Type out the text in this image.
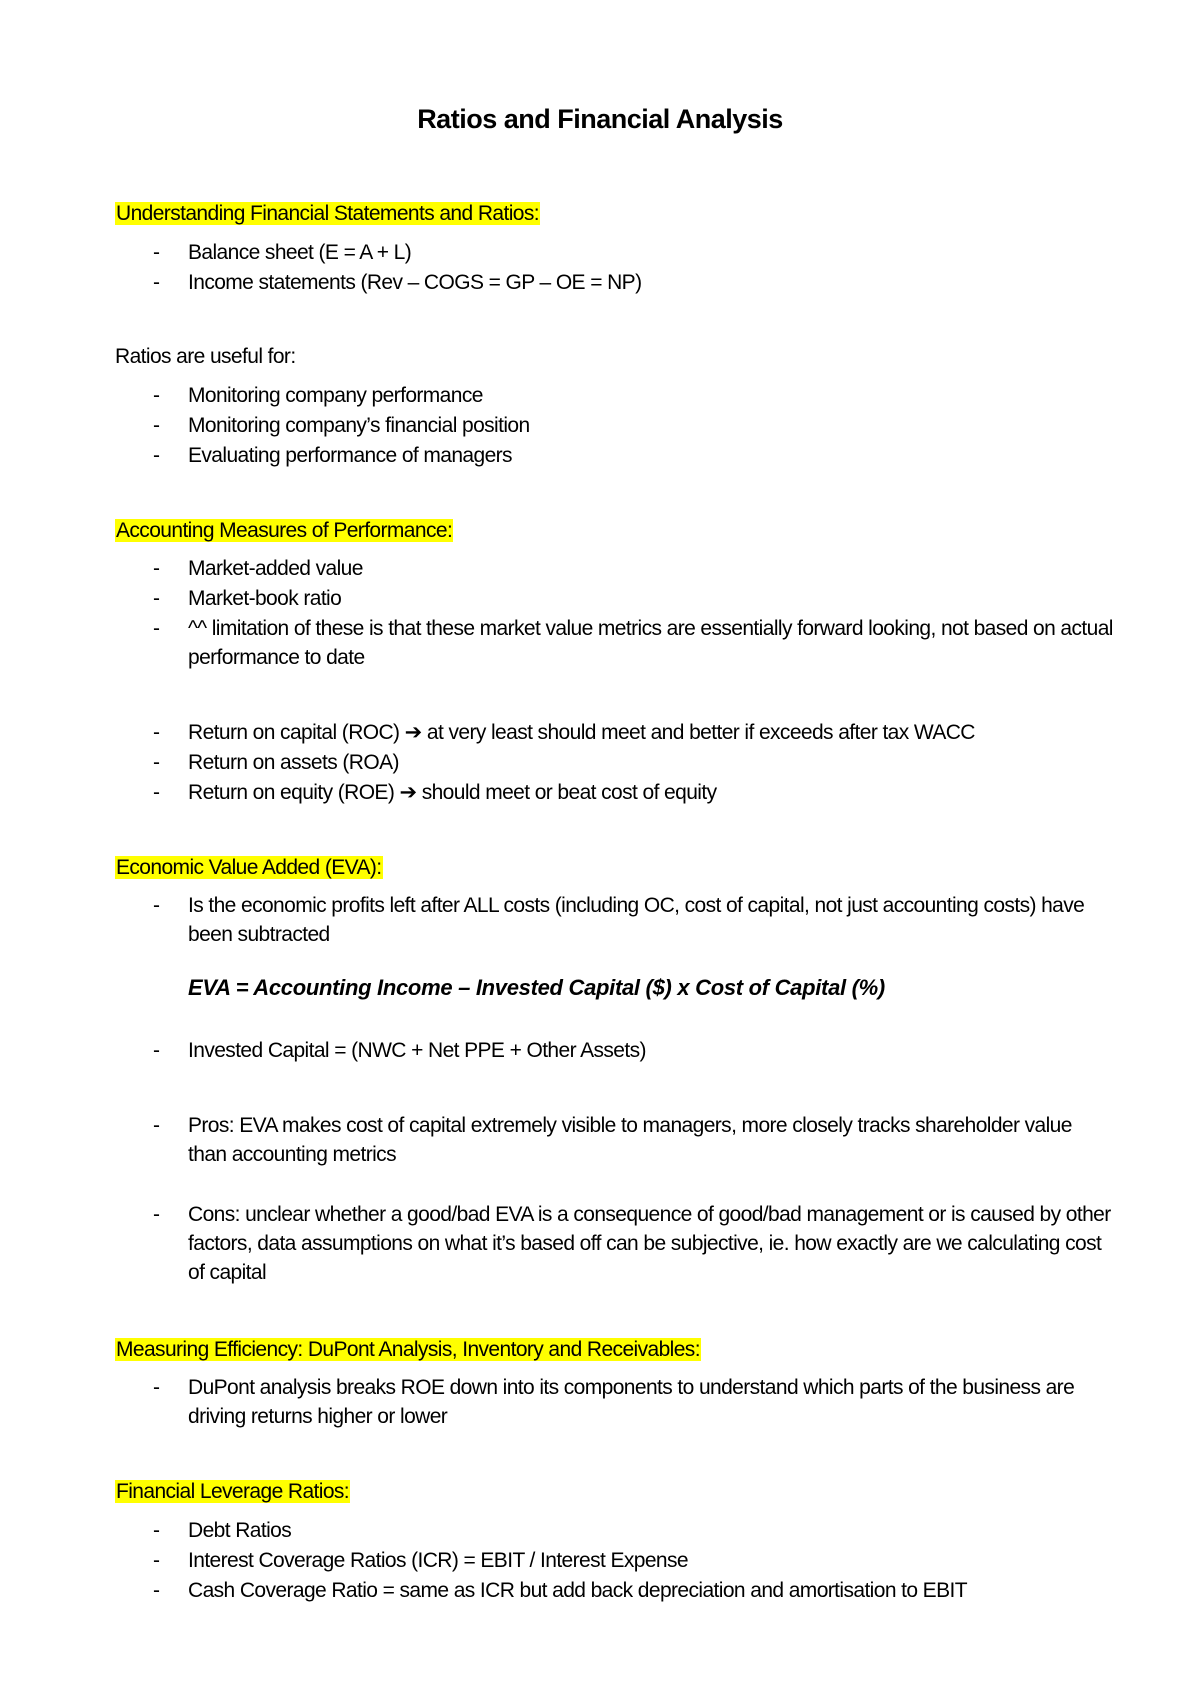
Ratios and Financial Analysis
Understanding Financial Statements and Ratios:
- Balance sheet (E = A + L)
- Income statements (Rev – COGS = GP – OE = NP)
Ratios are useful for:
- Monitoring company performance
- Monitoring company’s financial position
- Evaluating performance of managers
Accounting Measures of Performance:
- Market-added value
- Market-book ratio
- ^^ limitation of these is that these market value metrics are essentially forward looking, not based on actual performance to date
- Return on capital (ROC) ➔ at very least should meet and better if exceeds after tax WACC
- Return on assets (ROA)
- Return on equity (ROE) ➔ should meet or beat cost of equity
Economic Value Added (EVA):
- Is the economic profits left after ALL costs (including OC, cost of capital, not just accounting costs) have been subtracted
EVA = Accounting Income – Invested Capital ($) x Cost of Capital (%)
- Invested Capital = (NWC + Net PPE + Other Assets)
- Pros: EVA makes cost of capital extremely visible to managers, more closely tracks shareholder value than accounting metrics
- Cons: unclear whether a good/bad EVA is a consequence of good/bad management or is caused by other factors, data assumptions on what it’s based off can be subjective, ie. how exactly are we calculating cost of capital
Measuring Efficiency: DuPont Analysis, Inventory and Receivables:
- DuPont analysis breaks ROE down into its components to understand which parts of the business are driving returns higher or lower
Financial Leverage Ratios:
- Debt Ratios
- Interest Coverage Ratios (ICR) = EBIT / Interest Expense
- Cash Coverage Ratio = same as ICR but add back depreciation and amortisation to EBIT
